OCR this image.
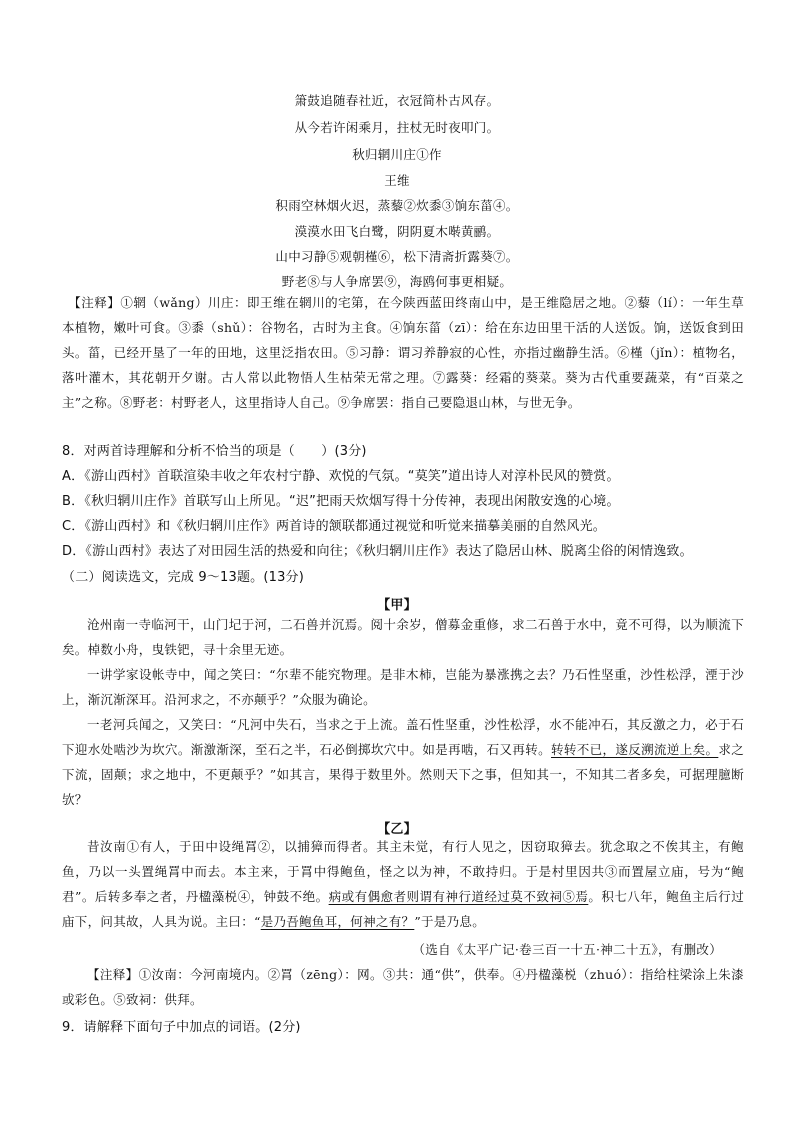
箫鼓追随春社近，衣冠简朴古风存。
从今若许闲乘月，拄杖无时夜叩门。
秋归辋川庄①作
王维
积雨空林烟火迟，蒸藜②炊黍③饷东菑④。
漠漠水田飞白鹭，阴阴夏木啭黄鹂。
山中习静⑤观朝槿⑥，松下清斋折露葵⑦。
野老⑧与人争席罢⑨，海鸥何事更相疑。

【注释】①辋（wǎng）川庄：即王维在辋川的宅第，在今陕西蓝田终南山中，是王维隐居之地。②藜（lí）：一年生草本植物，嫩叶可食。③黍（shǔ）：谷物名，古时为主食。④饷东菑（zī）：给在东边田里干活的人送饭。饷，送饭食到田头。菑，已经开垦了一年的田地，这里泛指农田。⑤习静：谓习养静寂的心性，亦指过幽静生活。⑥槿（jǐn）：植物名，落叶灌木，其花朝开夕谢。古人常以此物悟人生枯荣无常之理。⑦露葵：经霜的葵菜。葵为古代重要蔬菜，有“百菜之主”之称。⑧野老：村野老人，这里指诗人自己。⑨争席罢：指自己要隐退山林，与世无争。

8．对两首诗理解和分析不恰当的项是（　　）(3分)
A．《游山西村》首联渲染丰收之年农村宁静、欢悦的气氛。“莫笑”道出诗人对淳朴民风的赞赏。
B．《秋归辋川庄作》首联写山上所见。“迟”把雨天炊烟写得十分传神，表现出闲散安逸的心境。
C．《游山西村》和《秋归辋川庄作》两首诗的颔联都通过视觉和听觉来描摹美丽的自然风光。
D．《游山西村》表达了对田园生活的热爱和向往；《秋归辋川庄作》表达了隐居山林、脱离尘俗的闲情逸致。
（二）阅读选文，完成 9～13题。(13分)
【甲】

沧州南一寺临河干，山门圮于河，二石兽并沉焉。阅十余岁，僧募金重修，求二石兽于水中，竟不可得，以为顺流下矣。棹数小舟，曳铁钯，寻十余里无迹。

一讲学家设帐寺中，闻之笑曰：“尔辈不能究物理。是非木柿，岂能为暴涨携之去？乃石性坚重，沙性松浮，湮于沙上，渐沉渐深耳。沿河求之，不亦颠乎？”众服为确论。

一老河兵闻之，又笑曰：“凡河中失石，当求之于上流。盖石性坚重，沙性松浮，水不能冲石，其反激之力，必于石下迎水处啮沙为坎穴。渐激渐深，至石之半，石必倒掷坎穴中。如是再啮，石又再转。转转不已，遂反溯流逆上矣。求之下流，固颠；求之地中，不更颠乎？”如其言，果得于数里外。然则天下之事，但知其一，不知其二者多矣，可据理臆断欤？

【乙】

昔汝南①有人，于田中设绳罥②，以捕獐而得者。其主未觉，有行人见之，因窃取獐去。犹念取之不俟其主，有鲍鱼，乃以一头置绳罥中而去。本主来，于罥中得鲍鱼，怪之以为神，不敢持归。于是村里因共③而置屋立庙，号为“鲍君”。后转多奉之者，丹楹藻棁④，钟鼓不绝。病或有偶愈者则谓有神行道经过莫不致祠⑤焉。积七八年，鲍鱼主后行过庙下，问其故，人具为说。主曰：“是乃吾鲍鱼耳，何神之有？”于是乃息。

（选自《太平广记·卷三百一十五·神二十五》，有删改）

【注释】①汝南：今河南境内。②罥（zēng）：网。③共：通“供”，供奉。④丹楹藻棁（zhuó）：指给柱梁涂上朱漆或彩色。⑤致祠：供拜。

9．请解释下面句子中加点的词语。(2分)
